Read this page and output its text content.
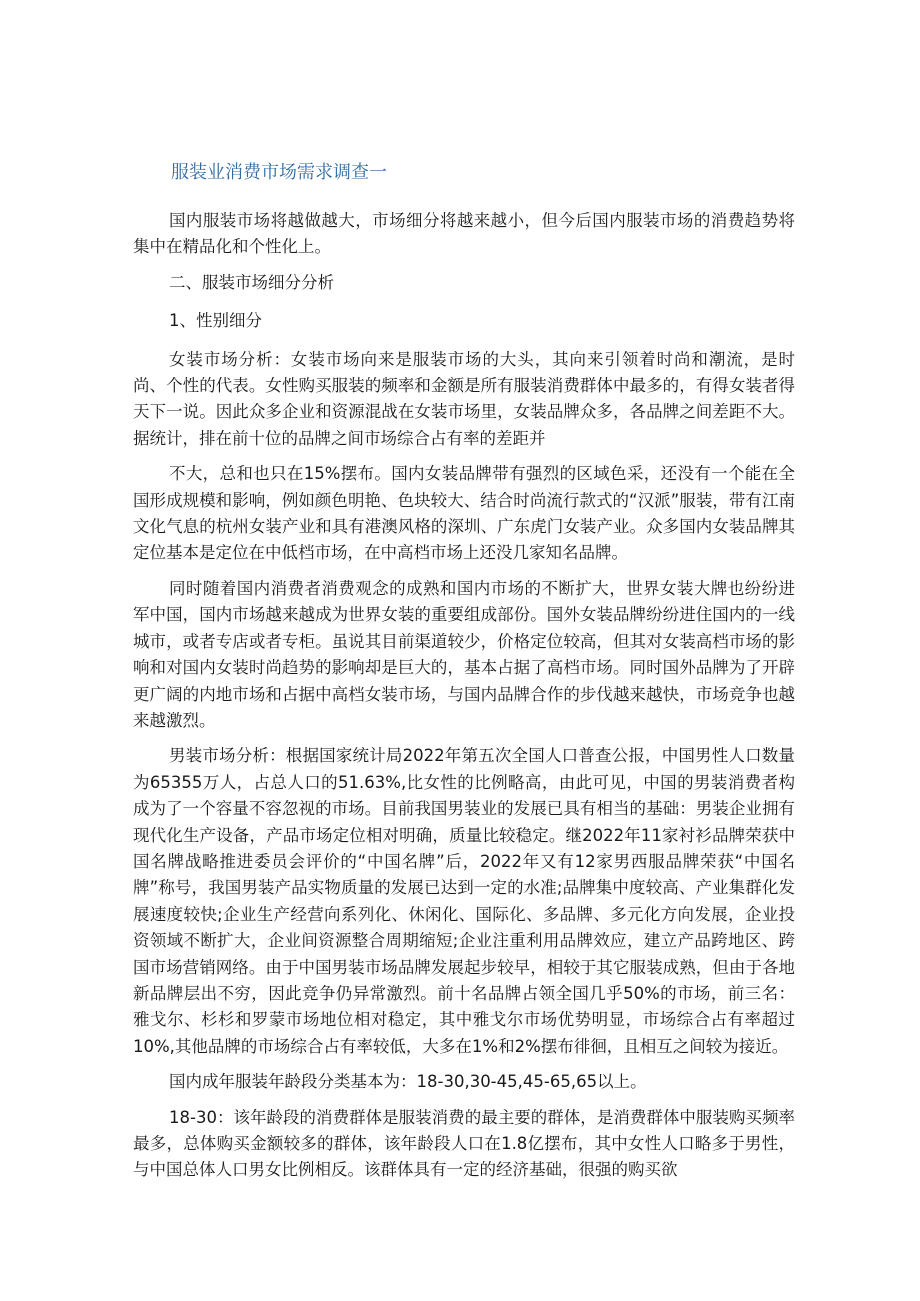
服装业消费市场需求调查一

国内服装市场将越做越大，市场细分将越来越小，但今后国内服装市场的消费趋势将集中在精品化和个性化上。

二、服装市场细分分析

1、性别细分

女装市场分析：女装市场向来是服装市场的大头，其向来引领着时尚和潮流，是时尚、个性的代表。女性购买服装的频率和金额是所有服装消费群体中最多的，有得女装者得天下一说。因此众多企业和资源混战在女装市场里，女装品牌众多，各品牌之间差距不大。据统计，排在前十位的品牌之间市场综合占有率的差距并

不大，总和也只在15%摆布。国内女装品牌带有强烈的区域色采，还没有一个能在全国形成规模和影响，例如颜色明艳、色块较大、结合时尚流行款式的“汉派”服装，带有江南文化气息的杭州女装产业和具有港澳风格的深圳、广东虎门女装产业。众多国内女装品牌其定位基本是定位在中低档市场，在中高档市场上还没几家知名品牌。

同时随着国内消费者消费观念的成熟和国内市场的不断扩大，世界女装大牌也纷纷进军中国，国内市场越来越成为世界女装的重要组成部份。国外女装品牌纷纷进住国内的一线城市，或者专店或者专柜。虽说其目前渠道较少，价格定位较高，但其对女装高档市场的影响和对国内女装时尚趋势的影响却是巨大的，基本占据了高档市场。同时国外品牌为了开辟更广阔的内地市场和占据中高档女装市场，与国内品牌合作的步伐越来越快，市场竞争也越来越激烈。

男装市场分析：根据国家统计局2022年第五次全国人口普查公报，中国男性人口数量为65355万人，占总人口的51.63%,比女性的比例略高，由此可见，中国的男装消费者构成为了一个容量不容忽视的市场。目前我国男装业的发展已具有相当的基础：男装企业拥有现代化生产设备，产品市场定位相对明确，质量比较稳定。继2022年11家衬衫品牌荣获中国名牌战略推进委员会评价的“中国名牌”后，2022年又有12家男西服品牌荣获“中国名牌”称号，我国男装产品实物质量的发展已达到一定的水准;品牌集中度较高、产业集群化发展速度较快;企业生产经营向系列化、休闲化、国际化、多品牌、多元化方向发展，企业投资领域不断扩大，企业间资源整合周期缩短;企业注重利用品牌效应，建立产品跨地区、跨国市场营销网络。由于中国男装市场品牌发展起步较早，相较于其它服装成熟，但由于各地新品牌层出不穷，因此竞争仍异常激烈。前十名品牌占领全国几乎50%的市场，前三名：雅戈尔、杉杉和罗蒙市场地位相对稳定，其中雅戈尔市场优势明显，市场综合占有率超过10%,其他品牌的市场综合占有率较低，大多在1%和2%摆布徘徊，且相互之间较为接近。

国内成年服装年龄段分类基本为：18-30,30-45,45-65,65以上。

18-30：该年龄段的消费群体是服装消费的最主要的群体，是消费群体中服装购买频率最多，总体购买金额较多的群体，该年龄段人口在1.8亿摆布，其中女性人口略多于男性，与中国总体人口男女比例相反。该群体具有一定的经济基础，很强的购买欲
